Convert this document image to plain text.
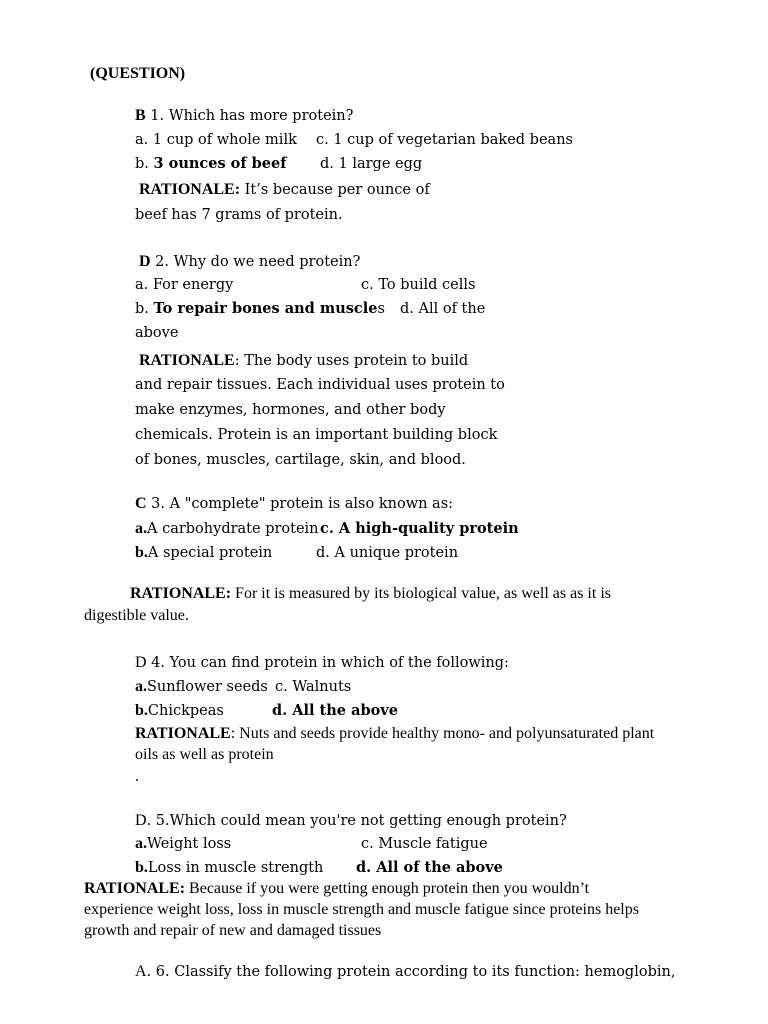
(QUESTION)
B 1. Which has more protein?
a. 1 cup of whole milk c. 1 cup of vegetarian baked beans
b. 3 ounces of beef d. 1 large egg
RATIONALE: It’s because per ounce of
beef has 7 grams of protein.
D 2. Why do we need protein?
a. For energy	c. To build cells
b. To repair bones and muscles d. All of the
above
RATIONALE: The body uses protein to build
and repair tissues. Each individual uses protein to
make enzymes, hormones, and other body
chemicals. Protein is an important building block
of bones, muscles, cartilage, skin, and blood.
C 3. A "complete" protein is also known as:
a.A carbohydrate protein c. A high-quality protein
b.A special protein	d. A unique protein
RATIONALE: For it is measured by its biological value, as well as as it is
digestible value.
D 4. You can find protein in which of the following:
a.Sunflower seeds c. Walnuts
b.Chickpeas	d. All the above
RATIONALE: Nuts and seeds provide healthy mono- and polyunsaturated plant
oils as well as protein
.
D. 5.Which could mean you're not getting enough protein?
a.Weight loss	c. Muscle fatigue
b.Loss in muscle strength d. All of the above
RATIONALE: Because if you were getting enough protein then you wouldn’t
experience weight loss, loss in muscle strength and muscle fatigue since proteins helps
growth and repair of new and damaged tissues
A. 6. Classify the following protein according to its function: hemoglobin,
